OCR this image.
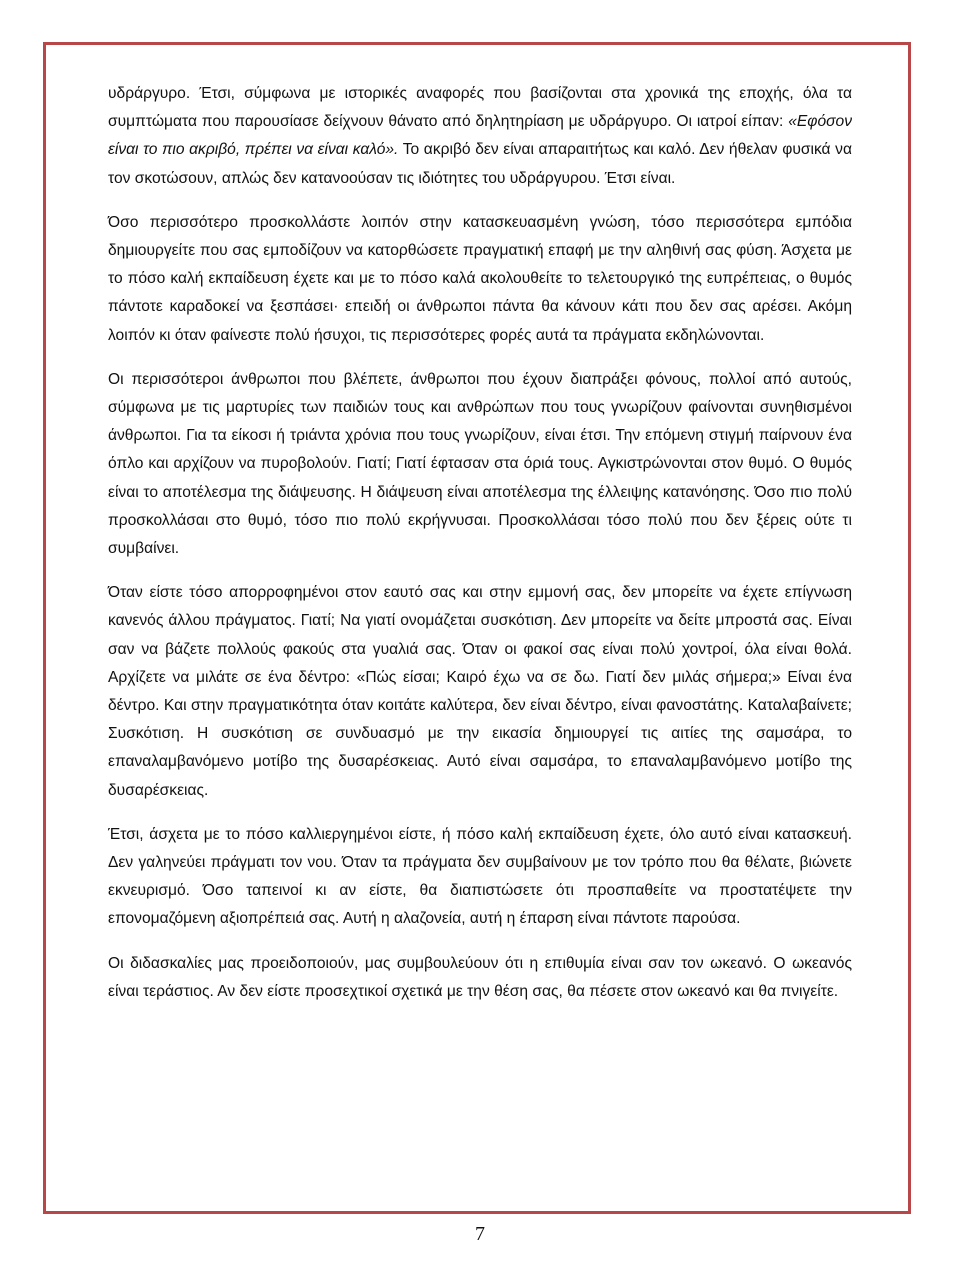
υδράργυρο. Έτσι, σύμφωνα με ιστορικές αναφορές που βασίζονται στα χρονικά της εποχής, όλα τα συμπτώματα που παρουσίασε δείχνουν θάνατο από δηλητηρίαση με υδράργυρο. Οι ιατροί είπαν: «Εφόσον είναι το πιο ακριβό, πρέπει να είναι καλό». Το ακριβό δεν είναι απαραιτήτως και καλό. Δεν ήθελαν φυσικά να τον σκοτώσουν, απλώς δεν κατανοούσαν τις ιδιότητες του υδράργυρου. Έτσι είναι.

Όσο περισσότερο προσκολλάστε λοιπόν στην κατασκευασμένη γνώση, τόσο περισσότερα εμπόδια δημιουργείτε που σας εμποδίζουν να κατορθώσετε πραγματική επαφή με την αληθινή σας φύση. Άσχετα με το πόσο καλή εκπαίδευση έχετε και με το πόσο καλά ακολουθείτε το τελετουργικό της ευπρέπειας, ο θυμός πάντοτε καραδοκεί να ξεσπάσει· επειδή οι άνθρωποι πάντα θα κάνουν κάτι που δεν σας αρέσει. Ακόμη λοιπόν κι όταν φαίνεστε πολύ ήσυχοι, τις περισσότερες φορές αυτά τα πράγματα εκδηλώνονται.

Οι περισσότεροι άνθρωποι που βλέπετε, άνθρωποι που έχουν διαπράξει φόνους, πολλοί από αυτούς, σύμφωνα με τις μαρτυρίες των παιδιών τους και ανθρώπων που τους γνωρίζουν φαίνονται συνηθισμένοι άνθρωποι. Για τα είκοσι ή τριάντα χρόνια που τους γνωρίζουν, είναι έτσι. Την επόμενη στιγμή παίρνουν ένα όπλο και αρχίζουν να πυροβολούν. Γιατί; Γιατί έφτασαν στα όριά τους. Αγκιστρώνονται στον θυμό. Ο θυμός είναι το αποτέλεσμα της διάψευσης. Η διάψευση είναι αποτέλεσμα της έλλειψης κατανόησης. Όσο πιο πολύ προσκολλάσαι στο θυμό, τόσο πιο πολύ εκρήγνυσαι. Προσκολλάσαι τόσο πολύ που δεν ξέρεις ούτε τι συμβαίνει.

Όταν είστε τόσο απορροφημένοι στον εαυτό σας και στην εμμονή σας, δεν μπορείτε να έχετε επίγνωση κανενός άλλου πράγματος. Γιατί; Να γιατί ονομάζεται συσκότιση. Δεν μπορείτε να δείτε μπροστά σας. Είναι σαν να βάζετε πολλούς φακούς στα γυαλιά σας. Όταν οι φακοί σας είναι πολύ χοντροί, όλα είναι θολά. Αρχίζετε να μιλάτε σε ένα δέντρο: «Πώς είσαι; Καιρό έχω να σε δω. Γιατί δεν μιλάς σήμερα;» Είναι ένα δέντρο. Και στην πραγματικότητα όταν κοιτάτε καλύτερα, δεν είναι δέντρο, είναι φανοστάτης. Καταλαβαίνετε; Συσκότιση. Η συσκότιση σε συνδυασμό με την εικασία δημιουργεί τις αιτίες της σαμσάρα, το επαναλαμβανόμενο μοτίβο της δυσαρέσκειας. Αυτό είναι σαμσάρα, το επαναλαμβανόμενο μοτίβο της δυσαρέσκειας.

Έτσι, άσχετα με το πόσο καλλιεργημένοι είστε, ή πόσο καλή εκπαίδευση έχετε, όλο αυτό είναι κατασκευή. Δεν γαληνεύει πράγματι τον νου. Όταν τα πράγματα δεν συμβαίνουν με τον τρόπο που θα θέλατε, βιώνετε εκνευρισμό. Όσο ταπεινοί κι αν είστε, θα διαπιστώσετε ότι προσπαθείτε να προστατέψετε την επονομαζόμενη αξιοπρέπειά σας. Αυτή η αλαζονεία, αυτή η έπαρση είναι πάντοτε παρούσα.

Οι διδασκαλίες μας προειδοποιούν, μας συμβουλεύουν ότι η επιθυμία είναι σαν τον ωκεανό. Ο ωκεανός είναι τεράστιος. Αν δεν είστε προσεχτικοί σχετικά με την θέση σας, θα πέσετε στον ωκεανό και θα πνιγείτε.

7
